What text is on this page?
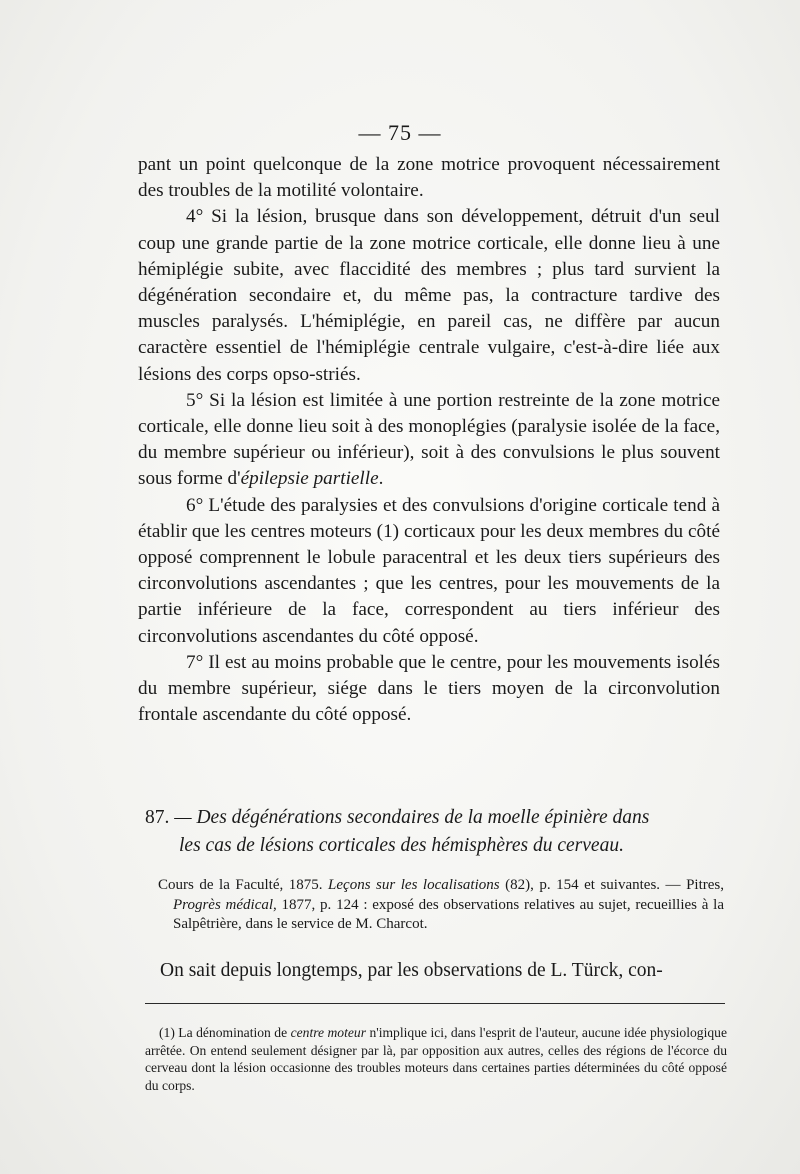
— 75 —

pant un point quelconque de la zone motrice provoquent nécessairement des troubles de la motilité volontaire.

4° Si la lésion, brusque dans son développement, détruit d'un seul coup une grande partie de la zone motrice corticale, elle donne lieu à une hémiplégie subite, avec flaccidité des membres ; plus tard survient la dégénération secondaire et, du même pas, la contracture tardive des muscles paralysés. L'hémiplégie, en pareil cas, ne diffère par aucun caractère essentiel de l'hémiplégie centrale vulgaire, c'est-à-dire liée aux lésions des corps opso-striés.

5° Si la lésion est limitée à une portion restreinte de la zone motrice corticale, elle donne lieu soit à des monoplégies (paralysie isolée de la face, du membre supérieur ou inférieur), soit à des convulsions le plus souvent sous forme d'épilepsie partielle.

6° L'étude des paralysies et des convulsions d'origine corticale tend à établir que les centres moteurs (1) corticaux pour les deux membres du côté opposé comprennent le lobule paracentral et les deux tiers supérieurs des circonvolutions ascendantes ; que les centres, pour les mouvements de la partie inférieure de la face, correspondent au tiers inférieur des circonvolutions ascendantes du côté opposé.

7° Il est au moins probable que le centre, pour les mouvements isolés du membre supérieur, siége dans le tiers moyen de la circonvolution frontale ascendante du côté opposé.

87. — Des dégénérations secondaires de la moelle épinière dans
les cas de lésions corticales des hémisphères du cerveau.
Cours de la Faculté, 1875. Leçons sur les localisations (82), p. 154 et suivantes. — Pitres, Progrès médical, 1877, p. 124 : exposé des observations relatives au sujet, recueillies à la Salpêtrière, dans le service de M. Charcot.
On sait depuis longtemps, par les observations de L. Türck, con-

(1) La dénomination de centre moteur n'implique ici, dans l'esprit de l'auteur, aucune idée physiologique arrêtée. On entend seulement désigner par là, par opposition aux autres, celles des régions de l'écorce du cerveau dont la lésion occasionne des troubles moteurs dans certaines parties déterminées du côté opposé du corps.
